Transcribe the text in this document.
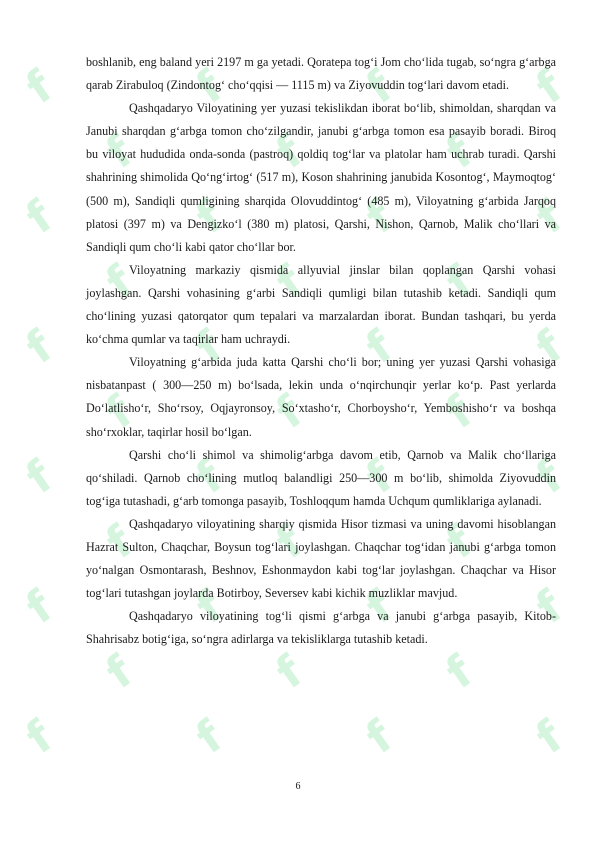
f	f	f	f
f	f	f
f	f	f	f
f	f	f
f	f	f	f
f	f	f
f	f	f	f
f	f	f
f	f	f	f
f	f	f
f	f	f	f

boshlanib, eng baland yeri 2197 m ga yetadi. Qoratepa tog‘i Jom cho‘lida tugab, so‘ngra g‘arbga qarab Zirabuloq (Zindontog‘ cho‘qqisi — 1115 m) va Ziyovuddin tog‘lari davom etadi.

Qashqadaryo Viloyatining yer yuzasi tekislikdan iborat bo‘lib, shimoldan, sharqdan va Janubi sharqdan g‘arbga tomon cho‘zilgandir, janubi g‘arbga tomon esa pasayib boradi. Biroq bu viloyat hududida onda-sonda (pastroq) qoldiq tog‘lar va platolar ham uchrab turadi. Qarshi shahrining shimolida Qo‘ng‘irtog‘ (517 m), Koson shahrining janubida Kosontog‘, Maymoqtog‘ (500 m), Sandiqli qumligining sharqida Olovuddintog‘ (485 m), Viloyatning g‘arbida Jarqoq platosi (397 m) va Dengizko‘l (380 m) platosi, Qarshi, Nishon, Qarnob, Malik cho‘llari va Sandiqli qum cho‘li kabi qator cho‘llar bor.

Viloyatning markaziy qismida allyuvial jinslar bilan qoplangan Qarshi vohasi joylashgan. Qarshi vohasining g‘arbi Sandiqli qumligi bilan tutashib ketadi. Sandiqli qum cho‘lining yuzasi qatorqator qum tepalari va marzalardan iborat. Bundan tashqari, bu yerda ko‘chma qumlar va taqirlar ham uchraydi.

Viloyatning g‘arbida juda katta Qarshi cho‘li bor; uning yer yuzasi Qarshi vohasiga nisbatanpast ( 300—250 m) bo‘lsada, lekin unda o‘nqirchunqir yerlar ko‘p. Past yerlarda Do‘latlisho‘r, Sho‘rsoy, Oqjayronsoy, So‘xtasho‘r, Chorboysho‘r, Yemboshisho‘r va boshqa sho‘rxoklar, taqirlar hosil bo‘lgan.

Qarshi cho‘li shimol va shimolig‘arbga davom etib, Qarnob va Malik cho‘llariga qo‘shiladi. Qarnob cho‘lining mutloq balandligi 250—300 m bo‘lib, shimolda Ziyovuddin tog‘iga tutashadi, g‘arb tomonga pasayib, Toshloqqum hamda Uchqum qumliklariga aylanadi.

Qashqadaryo viloyatining sharqiy qismida Hisor tizmasi va uning davomi hisoblangan Hazrat Sulton, Chaqchar, Boysun tog‘lari joylashgan. Chaqchar tog‘idan janubi g‘arbga tomon yo‘nalgan Osmontarash, Beshnov, Eshonmaydon kabi tog‘lar joylashgan. Chaqchar va Hisor tog‘lari tutashgan joylarda Botirboy, Seversev kabi kichik muzliklar mavjud.

Qashqadaryo viloyatining tog‘li qismi g‘arbga va janubi g‘arbga pasayib, Kitob-Shahrisabz botig‘iga, so‘ngra adirlarga va tekisliklarga tutashib ketadi.

6
